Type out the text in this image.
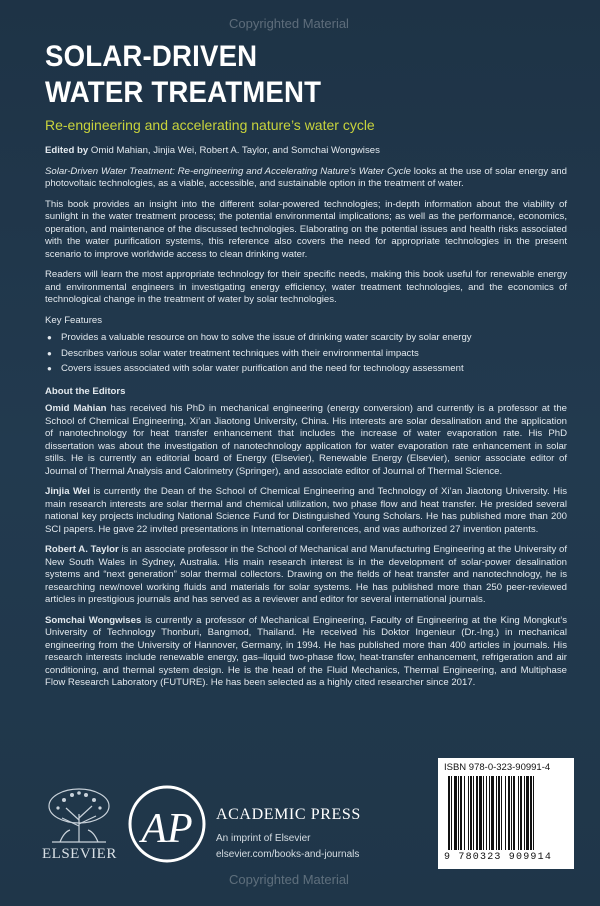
Copyrighted Material
SOLAR-DRIVEN
WATER TREATMENT
Re-engineering and accelerating nature’s water cycle

Edited by Omid Mahian, Jinjia Wei, Robert A. Taylor, and Somchai Wongwises

Solar-Driven Water Treatment: Re-engineering and Accelerating Nature’s Water Cycle looks at the use of solar energy and photovoltaic technologies, as a viable, accessible, and sustainable option in the treatment of water.

This book provides an insight into the different solar-powered technologies; in-depth information about the viability of sunlight in the water treatment process; the potential environmental implications; as well as the performance, economics, operation, and maintenance of the discussed technologies. Elaborating on the potential issues and health risks associated with the water purification systems, this reference also covers the need for appropriate technologies in the present scenario to improve worldwide access to clean drinking water.

Readers will learn the most appropriate technology for their specific needs, making this book useful for renewable energy and environmental engineers in investigating energy efficiency, water treatment technologies, and the economics of technological change in the treatment of water by solar technologies.

Key Features
● Provides a valuable resource on how to solve the issue of drinking water scarcity by solar energy
● Describes various solar water treatment techniques with their environmental impacts
● Covers issues associated with solar water purification and the need for technology assessment
About the Editors

Omid Mahian has received his PhD in mechanical engineering (energy conversion) and currently is a professor at the School of Chemical Engineering, Xi’an Jiaotong University, China. His interests are solar desalination and the application of nanotechnology for heat transfer enhancement that includes the increase of water evaporation rate. His PhD dissertation was about the investigation of nanotechnology application for water evaporation rate enhancement in solar stills. He is currently an editorial board of Energy (Elsevier), Renewable Energy (Elsevier), senior associate editor of Journal of Thermal Analysis and Calorimetry (Springer), and associate editor of Journal of Thermal Science.

Jinjia Wei is currently the Dean of the School of Chemical Engineering and Technology of Xi’an Jiaotong University. His main research interests are solar thermal and chemical utilization, two phase flow and heat transfer. He presided several national key projects including National Science Fund for Distinguished Young Scholars. He has published more than 200 SCI papers. He gave 22 invited presentations in International conferences, and was authorized 27 invention patents.

Robert A. Taylor is an associate professor in the School of Mechanical and Manufacturing Engineering at the University of New South Wales in Sydney, Australia. His main research interest is in the development of solar-power desalination systems and “next generation” solar thermal collectors. Drawing on the fields of heat transfer and nanotechnology, he is researching new/novel working fluids and materials for solar systems. He has published more than 250 peer-reviewed articles in prestigious journals and has served as a reviewer and editor for several international journals.

Somchai Wongwises is currently a professor of Mechanical Engineering, Faculty of Engineering at the King Mongkut’s University of Technology Thonburi, Bangmod, Thailand. He received his Doktor Ingenieur (Dr.-Ing.) in mechanical engineering from the University of Hannover, Germany, in 1994. He has published more than 400 articles in journals. His research interests include renewable energy, gas–liquid two-phase flow, heat-transfer enhancement, refrigeration and air conditioning, and thermal system design. He is the head of the Fluid Mechanics, Thermal Engineering, and Multiphase Flow Research Laboratory (FUTURE). He has been selected as a highly cited researcher since 2017.

ELSEVIER
AP ACADEMIC PRESS
An imprint of Elsevier
elsevier.com/books-and-journals
ISBN 978-0-323-90991-4
9 780323 909914
Copyrighted Material
